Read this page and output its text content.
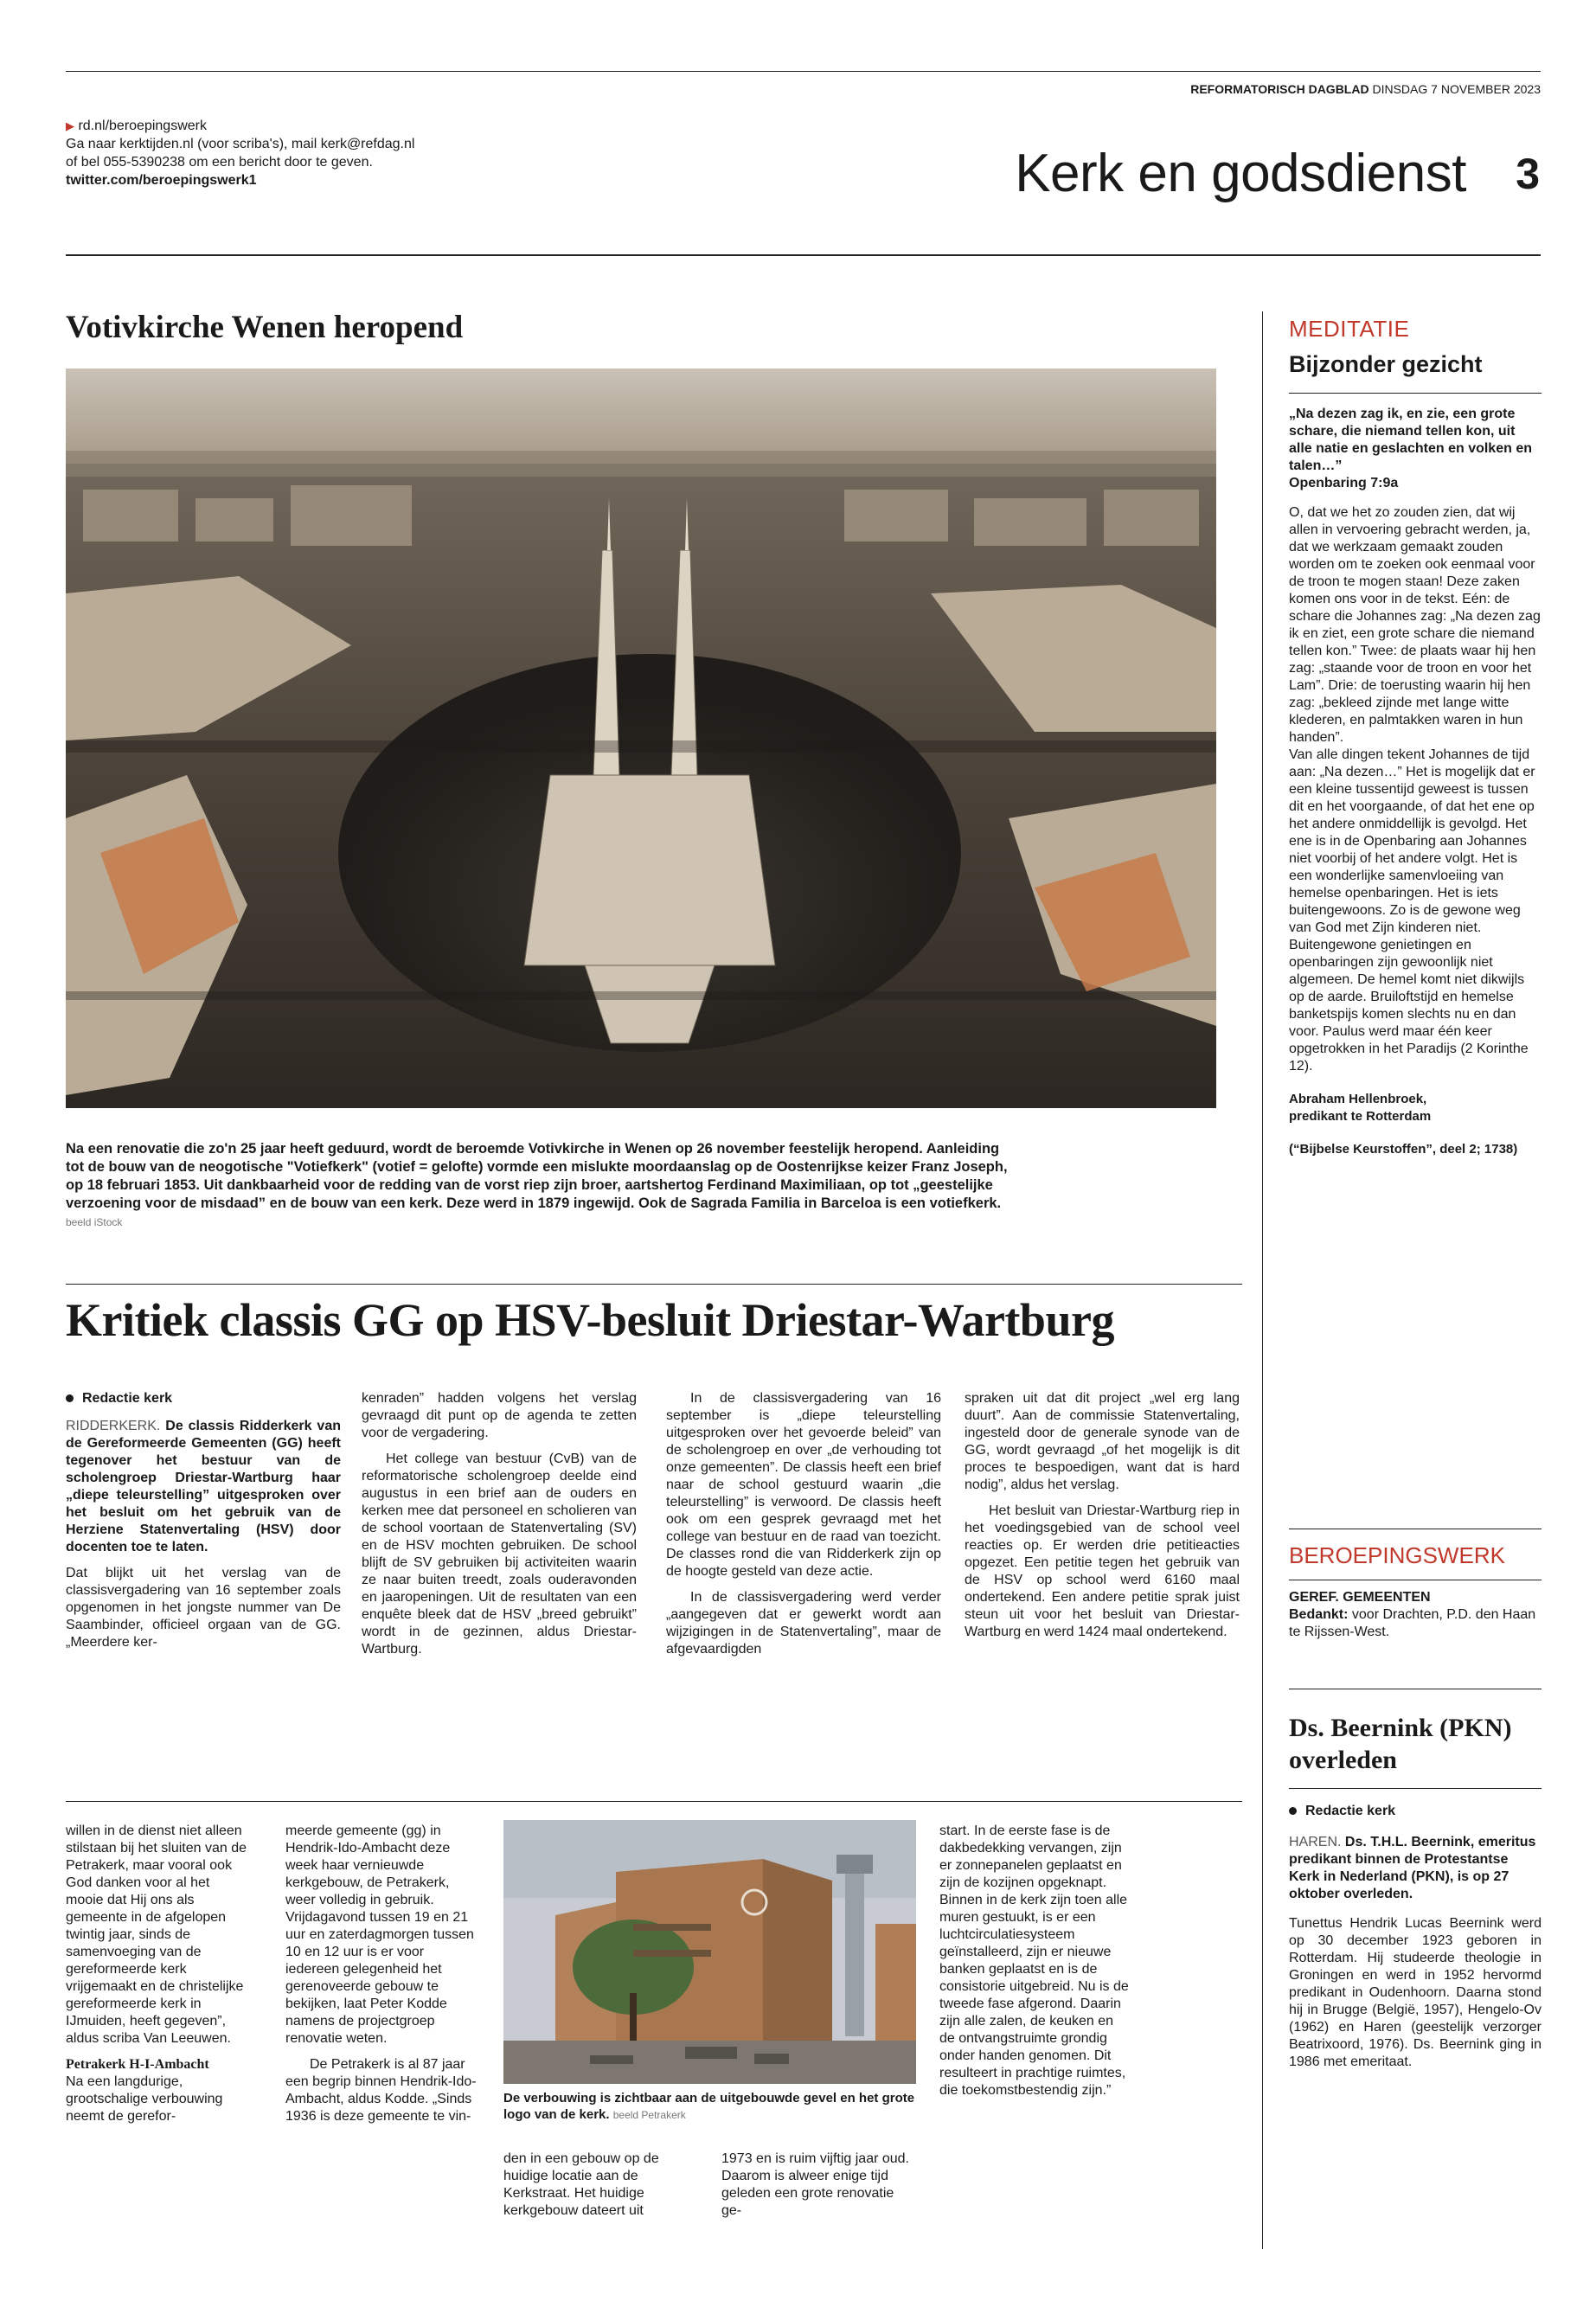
REFORMATORISCH DAGBLAD DINSDAG 7 NOVEMBER 2023
▶ rd.nl/beroepingswerk
Ga naar kerktijden.nl (voor scriba's), mail kerk@refdag.nl
of bel 055-5390238 om een bericht door te geven.
twitter.com/beroepingswerk1	Kerk en godsdienst	3
Votivkirche Wenen heropend
Na een renovatie die zo'n 25 jaar heeft geduurd, wordt de beroemde Votivkirche in Wenen op 26 november feestelijk heropend. Aanleiding tot de bouw van de neogotische "Votiefkerk" (votief = gelofte) vormde een mislukte moordaanslag op de Oostenrijkse keizer Franz Joseph, op 18 februari 1853. Uit dankbaarheid voor de redding van de vorst riep zijn broer, aartshertog Ferdinand Maximiliaan, op tot „geestelijke verzoening voor de misdaad” en de bouw van een kerk. Deze werd in 1879 ingewijd. Ook de Sagrada Familia in Barceloa is een votiefkerk. beeld iStock
Kritiek classis GG op HSV-besluit Driestar-Wartburg

Redactie kerk

RIDDERKERK. De classis Ridderkerk van de Gereformeerde Gemeenten (GG) heeft tegenover het bestuur van de scholengroep Driestar-Wartburg haar „diepe teleurstelling” uitgesproken over het besluit om het gebruik van de Herziene Statenvertaling (HSV) door docenten toe te laten.

Dat blijkt uit het verslag van de classisvergadering van 16 september zoals opgenomen in het jongste nummer van De Saambinder, officieel orgaan van de GG. „Meerdere ker-

kenraden” hadden volgens het verslag gevraagd dit punt op de agenda te zetten voor de vergadering.

Het college van bestuur (CvB) van de reformatorische scholengroep deelde eind augustus in een brief aan de ouders en kerken mee dat personeel en scholieren van de school voortaan de Statenvertaling (SV) en de HSV mochten gebruiken. De school blijft de SV gebruiken bij activiteiten waarin ze naar buiten treedt, zoals ouderavonden en jaaropeningen. Uit de resultaten van een enquête bleek dat de HSV „breed gebruikt” wordt in de gezinnen, aldus Driestar-Wartburg.

In de classisvergadering van 16 september is „diepe teleurstelling uitgesproken over het gevoerde beleid” van de scholengroep en over „de verhouding tot onze gemeenten”. De classis heeft een brief naar de school gestuurd waarin „die teleurstelling” is verwoord. De classis heeft ook om een gesprek gevraagd met het college van bestuur en de raad van toezicht. De classes rond die van Ridderkerk zijn op de hoogte gesteld van deze actie.

In de classisvergadering werd verder „aangegeven dat er gewerkt wordt aan wijzigingen in de Statenvertaling”, maar de afgevaardigden

spraken uit dat dit project „wel erg lang duurt”. Aan de commissie Statenvertaling, ingesteld door de generale synode van de GG, wordt gevraagd „of het mogelijk is dit proces te bespoedigen, want dat is hard nodig”, aldus het verslag.

Het besluit van Driestar-Wartburg riep in het voedingsgebied van de school veel reacties op. Er werden drie petitieacties opgezet. Een petitie tegen het gebruik van de HSV op school werd 6160 maal ondertekend. Een andere petitie sprak juist steun uit voor het besluit van Driestar-Wartburg en werd 1424 maal ondertekend.

willen in de dienst niet alleen stilstaan bij het sluiten van de Petrakerk, maar vooral ook God danken voor al het mooie dat Hij ons als gemeente in de afgelopen twintig jaar, sinds de samenvoeging van de gereformeerde kerk vrijgemaakt en de christelijke gereformeerde kerk in IJmuiden, heeft gegeven”, aldus scriba Van Leeuwen.

Petrakerk H-I-Ambacht

Na een langdurige, grootschalige verbouwing neemt de gerefor-

meerde gemeente (gg) in Hendrik-Ido-Ambacht deze week haar vernieuwde kerkgebouw, de Petrakerk, weer volledig in gebruik. Vrijdagavond tussen 19 en 21 uur en zaterdagmorgen tussen 10 en 12 uur is er voor iedereen gelegenheid het gerenoveerde gebouw te bekijken, laat Peter Kodde namens de projectgroep renovatie weten.

De Petrakerk is al 87 jaar een begrip binnen Hendrik-Ido-Ambacht, aldus Kodde. „Sinds 1936 is deze gemeente te vin-

De verbouwing is zichtbaar aan de uitgebouwde gevel en het grote logo van de kerk. beeld Petrakerk

den in een gebouw op de huidige locatie aan de Kerkstraat. Het huidige kerkgebouw dateert uit

1973 en is ruim vijftig jaar oud. Daarom is alweer enige tijd geleden een grote renovatie ge-

start. In de eerste fase is de dakbedekking vervangen, zijn er zonnepanelen geplaatst en zijn de kozijnen opgeknapt. Binnen in de kerk zijn toen alle muren gestuukt, is er een luchtcirculatiesysteem geïnstalleerd, zijn er nieuwe banken geplaatst en is de consistorie uitgebreid. Nu is de tweede fase afgerond. Daarin zijn alle zalen, de keuken en de ontvangstruimte grondig onder handen genomen. Dit resulteert in prachtige ruimtes, die toekomstbestendig zijn.”

MEDITATIE
Bijzonder gezicht
„Na dezen zag ik, en zie, een grote schare, die niemand tellen kon, uit alle natie en geslachten en volken en talen…”
Openbaring 7:9a
O, dat we het zo zouden zien, dat wij allen in vervoering gebracht werden, ja, dat we werkzaam gemaakt zouden worden om te zoeken ook eenmaal voor de troon te mogen staan! Deze zaken komen ons voor in de tekst. Eén: de schare die Johannes zag: „Na dezen zag ik en ziet, een grote schare die niemand tellen kon.” Twee: de plaats waar hij hen zag: „staande voor de troon en voor het Lam”. Drie: de toerusting waarin hij hen zag: „bekleed zijnde met lange witte klederen, en palmtakken waren in hun handen”.
Van alle dingen tekent Johannes de tijd aan: „Na dezen…” Het is mogelijk dat er een kleine tussentijd geweest is tussen dit en het voorgaande, of dat het ene op het andere onmiddellijk is gevolgd. Het ene is in de Openbaring aan Johannes niet voorbij of het andere volgt. Het is een wonderlijke samenvloeiing van hemelse openbaringen. Het is iets buitengewoons. Zo is de gewone weg van God met Zijn kinderen niet. Buitengewone genietingen en openbaringen zijn gewoonlijk niet algemeen. De hemel komt niet dikwijls op de aarde. Bruiloftstijd en hemelse banketspijs komen slechts nu en dan voor. Paulus werd maar één keer opgetrokken in het Paradijs (2 Korinthe 12).
Abraham Hellenbroek,
predikant te Rotterdam
(“Bijbelse Keurstoffen”, deel 2; 1738)
BEROEPINGSWERK
GEREF. GEMEENTEN
Bedankt: voor Drachten, P.D. den Haan te Rijssen-West.
Ds. Beernink (PKN) overleden
Redactie kerk
HAREN. Ds. T.H.L. Beernink, emeritus predikant binnen de Protestantse Kerk in Nederland (PKN), is op 27 oktober overleden.
Tunettus Hendrik Lucas Beernink werd op 30 december 1923 geboren in Rotterdam. Hij studeerde theologie in Groningen en werd in 1952 hervormd predikant in Oudenhoorn. Daarna stond hij in Brugge (België, 1957), Hengelo-Ov (1962) en Haren (geestelijk verzorger Beatrixoord, 1976). Ds. Beernink ging in 1986 met emeritaat.
